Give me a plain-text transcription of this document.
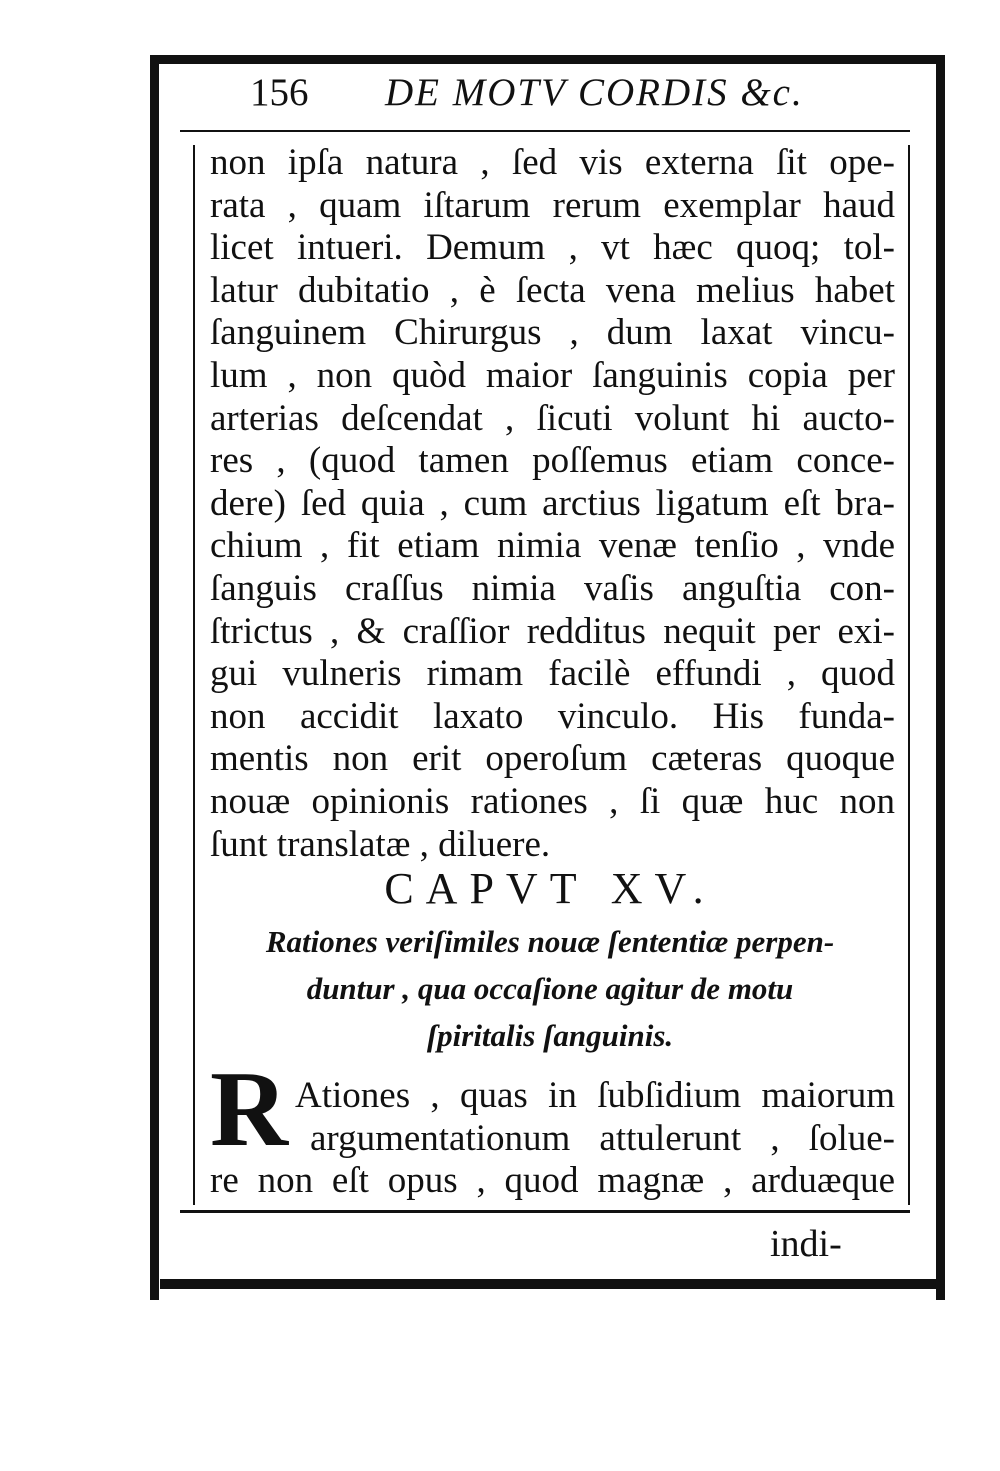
156 DE MOTV CORDIS &c.
non ipſa natura , ſed vis externa ſit ope-
rata , quam iſtarum rerum exemplar haud
licet intueri. Demum , vt hæc quoq; tol-
latur dubitatio , è ſecta vena melius habet
ſanguinem Chirurgus , dum laxat vincu-
lum , non quòd maior ſanguinis copia per
arterias deſcendat , ſicuti volunt hi aucto-
res , (quod tamen poſſemus etiam conce-
dere) ſed quia , cum arctius ligatum eſt bra-
chium , fit etiam nimia venæ tenſio , vnde
ſanguis craſſus nimia vaſis anguſtia con-
ſtrictus , & craſſior redditus nequit per exi-
gui vulneris rimam facilè effundi , quod
non accidit laxato vinculo. His funda-
mentis non erit operoſum cæteras quoque
nouæ opinionis rationes , ſi quæ huc non
ſunt translatæ , diluere.
CAPVT XV.
Rationes veriſimiles nouæ ſententiæ perpen-
duntur , qua occaſione agitur de motu
ſpiritalis ſanguinis.
R Ationes , quas in ſubſidium maiorum
argumentationum attulerunt , ſolue-
re non eſt opus , quod magnæ , arduæque
indi-
